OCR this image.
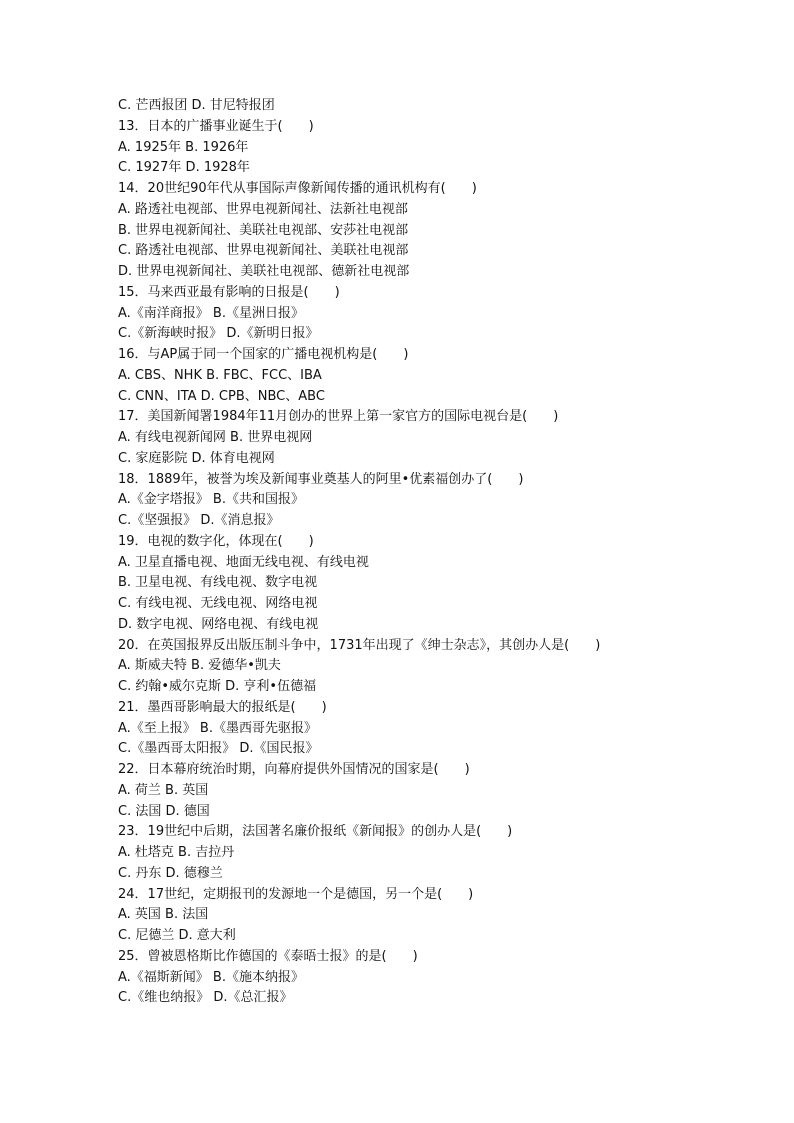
C. 芒西报团 D. 甘尼特报团
13．日本的广播事业诞生于(　　)
A. 1925年 B. 1926年
C. 1927年 D. 1928年
14．20世纪90年代从事国际声像新闻传播的通讯机构有(　　)
A. 路透社电视部、世界电视新闻社、法新社电视部
B. 世界电视新闻社、美联社电视部、安莎社电视部
C. 路透社电视部、世界电视新闻社、美联社电视部
D. 世界电视新闻社、美联社电视部、德新社电视部
15．马来西亚最有影响的日报是(　　)
A.《南洋商报》 B.《星洲日报》
C.《新海峡时报》 D.《新明日报》
16．与AP属于同一个国家的广播电视机构是(　　)
A. CBS、NHK B. FBC、FCC、IBA
C. CNN、ITA D. CPB、NBC、ABC
17．美国新闻署1984年11月创办的世界上第一家官方的国际电视台是(　　)
A. 有线电视新闻网 B. 世界电视网
C. 家庭影院 D. 体育电视网
18．1889年，被誉为埃及新闻事业奠基人的阿里•优素福创办了(　　)
A.《金字塔报》 B.《共和国报》
C.《坚强报》 D.《消息报》
19．电视的数字化，体现在(　　)
A. 卫星直播电视、地面无线电视、有线电视
B. 卫星电视、有线电视、数字电视
C. 有线电视、无线电视、网络电视
D. 数字电视、网络电视、有线电视
20．在英国报界反出版压制斗争中，1731年出现了《绅士杂志》，其创办人是(　　)
A. 斯威夫特 B. 爱德华•凯夫
C. 约翰•威尔克斯 D. 亨利•伍德福
21．墨西哥影响最大的报纸是(　　)
A.《至上报》 B.《墨西哥先驱报》
C.《墨西哥太阳报》 D.《国民报》
22．日本幕府统治时期，向幕府提供外国情况的国家是(　　)
A. 荷兰 B. 英国
C. 法国 D. 德国
23．19世纪中后期，法国著名廉价报纸《新闻报》的创办人是(　　)
A. 杜塔克 B. 吉拉丹
C. 丹东 D. 德穆兰
24．17世纪，定期报刊的发源地一个是德国，另一个是(　　)
A. 英国 B. 法国
C. 尼德兰 D. 意大利
25．曾被恩格斯比作德国的《泰晤士报》的是(　　)
A.《福斯新闻》 B.《施本纳报》
C.《维也纳报》 D.《总汇报》
